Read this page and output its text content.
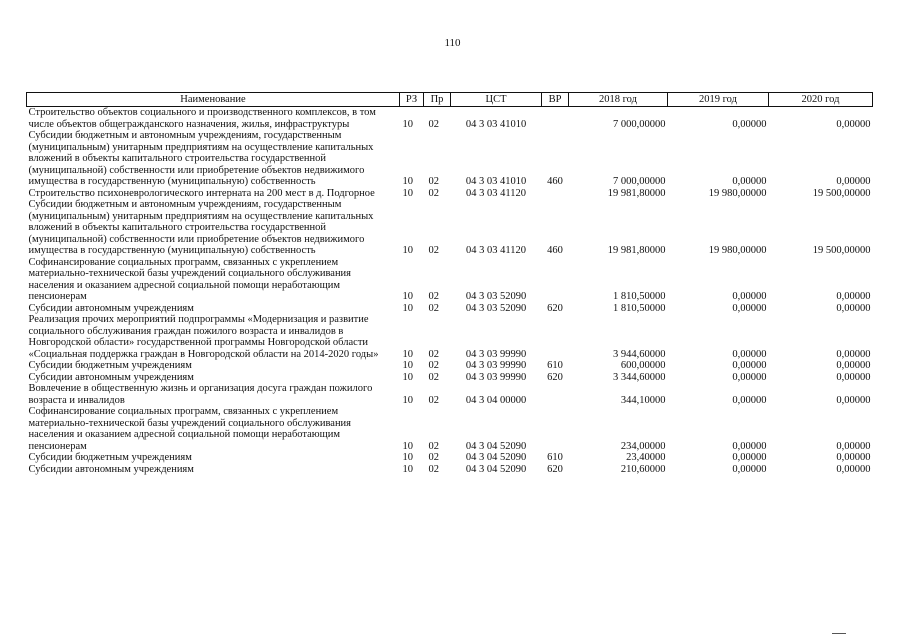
110
Наименование	РЗ	Пр	ЦСТ	ВР	2018 год	2019 год	2020 год
Строительство объектов социального и производственного комплексов, в том числе объектов общегражданского назначения, жилья, инфраструктуры	10	02	04 3 03 41010		7 000,00000	0,00000	0,00000
Субсидии бюджетным и автономным учреждениям, государственным (муниципальным) унитарным предприятиям на осуществление капитальных вложений в объекты капитального строительства государственной (муниципальной) собственности или приобретение объектов недвижимого имущества в государственную (муниципальную) собственность	10	02	04 3 03 41010	460	7 000,00000	0,00000	0,00000
Строительство психоневрологического интерната на 200 мест в д. Подгорное	10	02	04 3 03 41120		19 981,80000	19 980,00000	19 500,00000
Субсидии бюджетным и автономным учреждениям, государственным (муниципальным) унитарным предприятиям на осуществление капитальных вложений в объекты капитального строительства государственной (муниципальной) собственности или приобретение объектов недвижимого имущества в государственную (муниципальную) собственность	10	02	04 3 03 41120	460	19 981,80000	19 980,00000	19 500,00000
Софинансирование социальных программ, связанных с укреплением материально-технической базы учреждений социального обслуживания населения и оказанием адресной социальной помощи неработающим пенсионерам	10	02	04 3 03 52090		1 810,50000	0,00000	0,00000
Субсидии автономным учреждениям	10	02	04 3 03 52090	620	1 810,50000	0,00000	0,00000
Реализация прочих мероприятий подпрограммы «Модернизация и развитие социального обслуживания граждан пожилого возраста и инвалидов в Новгородской области» государственной программы Новгородской области «Социальная поддержка граждан в Новгородской области на 2014-2020 годы»	10	02	04 3 03 99990		3 944,60000	0,00000	0,00000
Субсидии бюджетным учреждениям	10	02	04 3 03 99990	610	600,00000	0,00000	0,00000
Субсидии автономным учреждениям	10	02	04 3 03 99990	620	3 344,60000	0,00000	0,00000
Вовлечение в общественную жизнь и организация досуга граждан пожилого возраста и инвалидов	10	02	04 3 04 00000		344,10000	0,00000	0,00000
Софинансирование социальных программ, связанных с укреплением материально-технической базы учреждений социального обслуживания населения и оказанием адресной социальной помощи неработающим пенсионерам	10	02	04 3 04 52090		234,00000	0,00000	0,00000
Субсидии бюджетным учреждениям	10	02	04 3 04 52090	610	23,40000	0,00000	0,00000
Субсидии автономным учреждениям	10	02	04 3 04 52090	620	210,60000	0,00000	0,00000
